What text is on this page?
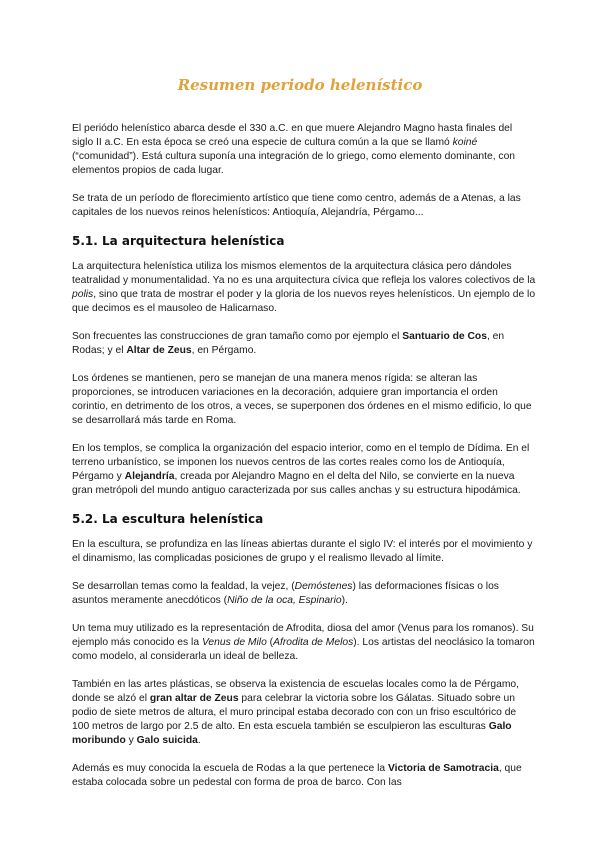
Resumen periodo helenístico

El periódo helenístico abarca desde el 330 a.C. en que muere Alejandro Magno hasta finales del siglo II a.C. En esta época se creó una especie de cultura común a la que se llamó koiné (“comunidad”). Está cultura suponía una integración de lo griego, como elemento dominante, con elementos propios de cada lugar.

Se trata de un período de florecimiento artístico que tiene como centro, además de a Atenas, a las capitales de los nuevos reinos helenísticos: Antioquía, Alejandría, Pérgamo...

5.1. La arquitectura helenística

La arquitectura helenística utiliza los mismos elementos de la arquitectura clásica pero dándoles teatralidad y monumentalidad. Ya no es una arquitectura cívica que refleja los valores colectivos de la polis, sino que trata de mostrar el poder y la gloria de los nuevos reyes helenísticos. Un ejemplo de lo que decimos es el mausoleo de Halicarnaso.

Son frecuentes las construcciones de gran tamaño como por ejemplo el Santuario de Cos, en Rodas; y el Altar de Zeus, en Pérgamo.

Los órdenes se mantienen, pero se manejan de una manera menos rígida: se alteran las proporciones, se introducen variaciones en la decoración, adquiere gran importancia el orden corintio, en detrimento de los otros, a veces, se superponen dos órdenes en el mismo edificio, lo que se desarrollará más tarde en Roma.

En los templos, se complica la organización del espacio interior, como en el templo de Dídima. En el terreno urbanístico, se imponen los nuevos centros de las cortes reales como los de Antioquía, Pérgamo y Alejandría, creada por Alejandro Magno en el delta del Nilo, se convierte en la nueva gran metrópoli del mundo antiguo caracterizada por sus calles anchas y su estructura hipodámica.

5.2. La escultura helenística

En la escultura, se profundiza en las líneas abiertas durante el siglo IV: el interés por el movimiento y el dinamismo, las complicadas posiciones de grupo y el realismo llevado al límite.

Se desarrollan temas como la fealdad, la vejez, (Demóstenes) las deformaciones físicas o los asuntos meramente anecdóticos (Niño de la oca, Espinario).

Un tema muy utilizado es la representación de Afrodita, diosa del amor (Venus para los romanos). Su ejemplo más conocido es la Venus de Milo (Afrodita de Melos). Los artistas del neoclásico la tomaron como modelo, al considerarla un ideal de belleza.

También en las artes plásticas, se observa la existencia de escuelas locales como la de Pérgamo, donde se alzó el gran altar de Zeus para celebrar la victoria sobre los Gálatas. Situado sobre un podio de siete metros de altura, el muro principal estaba decorado con con un friso escultórico de 100 metros de largo por 2.5 de alto. En esta escuela también se esculpieron las esculturas Galo moribundo y Galo suicida.

Además es muy conocida la escuela de Rodas a la que pertenece la Victoria de Samotracia, que estaba colocada sobre un pedestal con forma de proa de barco. Con las
